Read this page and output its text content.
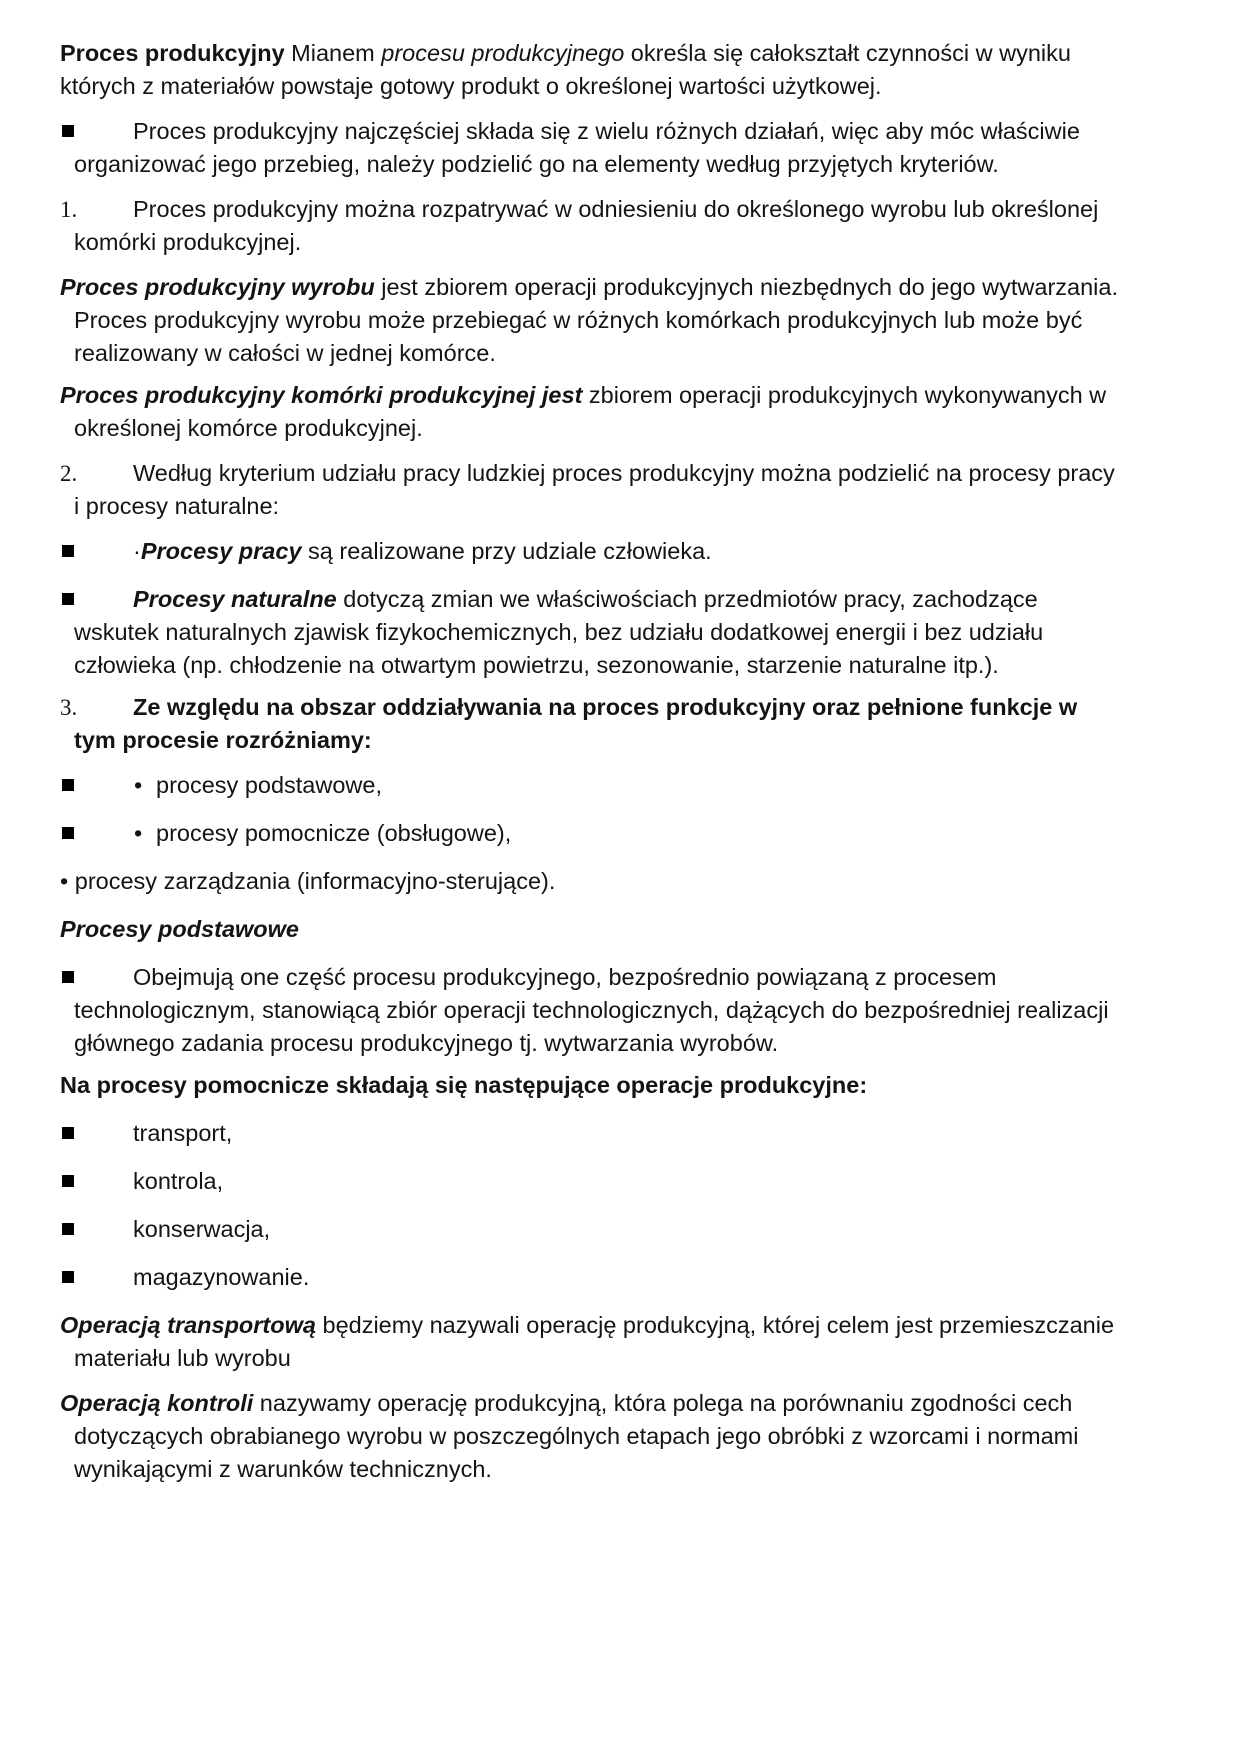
Proces produkcyjny Mianem procesu produkcyjnego określa się całokształt czynności w wyniku
których z materiałów powstaje gotowy produkt o określonej wartości użytkowej.
Proces produkcyjny najczęściej składa się z wielu różnych działań, więc aby móc właściwie
organizować jego przebieg, należy podzielić go na elementy według przyjętych kryteriów.
1.	Proces produkcyjny można rozpatrywać w odniesieniu do określonego wyrobu lub określonej
komórki produkcyjnej.
Proces produkcyjny wyrobu jest zbiorem operacji produkcyjnych niezbędnych do jego wytwarzania.
Proces produkcyjny wyrobu może przebiegać w różnych komórkach produkcyjnych lub może być
realizowany w całości w jednej komórce.
Proces produkcyjny komórki produkcyjnej jest zbiorem operacji produkcyjnych wykonywanych w
określonej komórce produkcyjnej.
2.	Według kryterium udziału pracy ludzkiej proces produkcyjny można podzielić na procesy pracy
i procesy naturalne:
·Procesy pracy są realizowane przy udziale człowieka.
Procesy naturalne dotyczą zmian we właściwościach przedmiotów pracy, zachodzące
wskutek naturalnych zjawisk fizykochemicznych, bez udziału dodatkowej energii i bez udziału
człowieka (np. chłodzenie na otwartym powietrzu, sezonowanie, starzenie naturalne itp.).
3.	Ze względu na obszar oddziaływania na proces produkcyjny oraz pełnione funkcje w
tym procesie rozróżniamy:
• procesy podstawowe,
• procesy pomocnicze (obsługowe),
• procesy zarządzania (informacyjno-sterujące).
Procesy podstawowe
Obejmują one część procesu produkcyjnego, bezpośrednio powiązaną z procesem
technologicznym, stanowiącą zbiór operacji technologicznych, dążących do bezpośredniej realizacji
głównego zadania procesu produkcyjnego tj. wytwarzania wyrobów.
Na procesy pomocnicze składają się następujące operacje produkcyjne:
transport,
kontrola,
konserwacja,
magazynowanie.
Operacją transportową będziemy nazywali operację produkcyjną, której celem jest przemieszczanie
materiału lub wyrobu
Operacją kontroli nazywamy operację produkcyjną, która polega na porównaniu zgodności cech
dotyczących obrabianego wyrobu w poszczególnych etapach jego obróbki z wzorcami i normami
wynikającymi z warunków technicznych.
